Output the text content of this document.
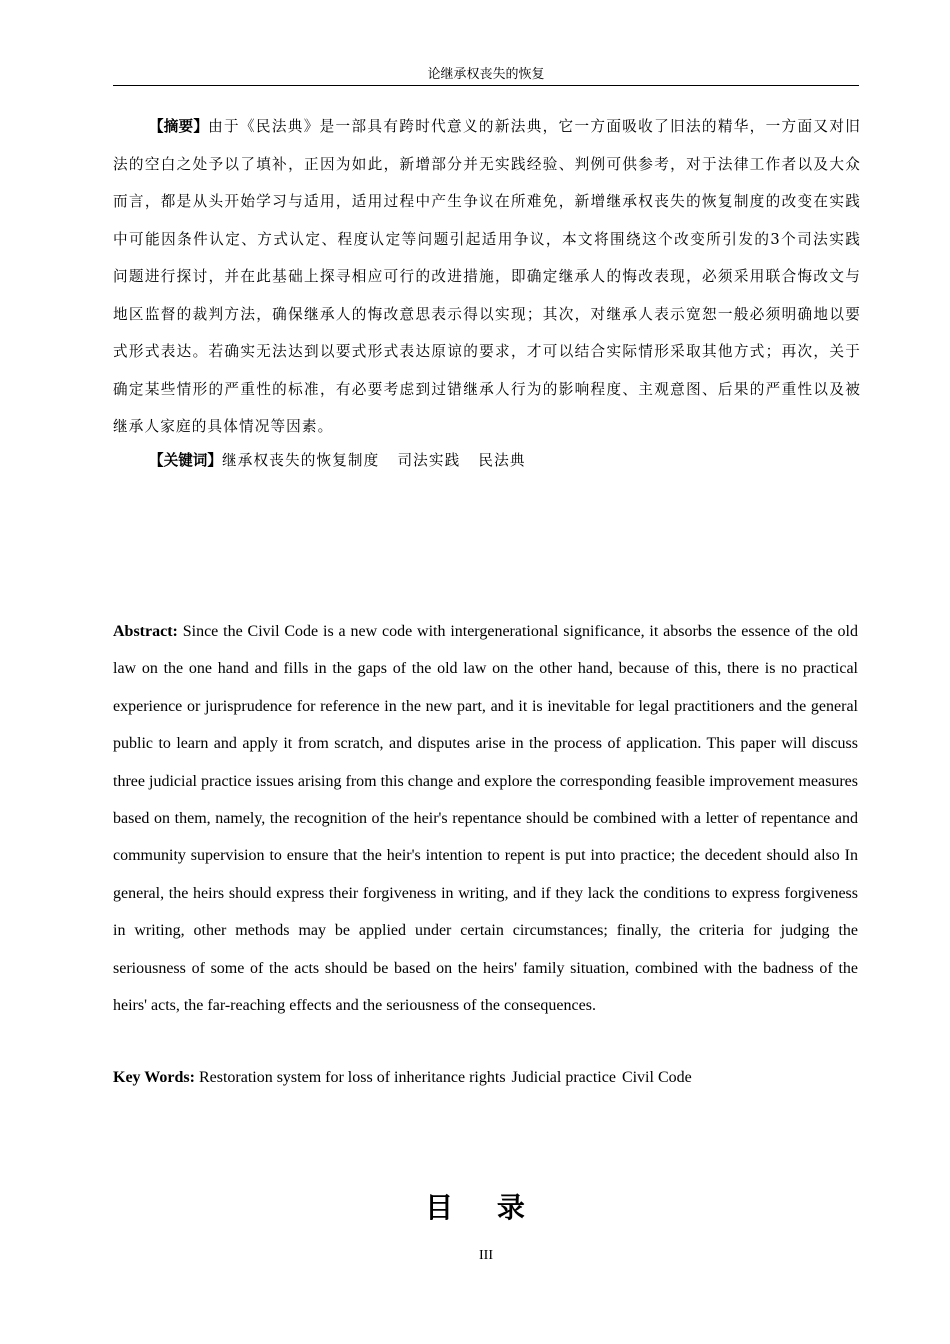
论继承权丧失的恢复

【摘要】由于《民法典》是一部具有跨时代意义的新法典，它一方面吸收了旧法的精华，一方面又对旧法的空白之处予以了填补，正因为如此，新增部分并无实践经验、判例可供参考，对于法律工作者以及大众而言，都是从头开始学习与适用，适用过程中产生争议在所难免，新增继承权丧失的恢复制度的改变在实践中可能因条件认定、方式认定、程度认定等问题引起适用争议，本文将围绕这个改变所引发的3个司法实践问题进行探讨，并在此基础上探寻相应可行的改进措施，即确定继承人的悔改表现，必须采用联合悔改文与地区监督的裁判方法，确保继承人的悔改意思表示得以实现；其次，对继承人表示宽恕一般必须明确地以要式形式表达。若确实无法达到以要式形式表达原谅的要求，才可以结合实际情形采取其他方式；再次，关于确定某些情形的严重性的标准，有必要考虑到过错继承人行为的影响程度、主观意图、后果的严重性以及被继承人家庭的具体情况等因素。

【关键词】继承权丧失的恢复制度 司法实践 民法典

Abstract: Since the Civil Code is a new code with intergenerational significance, it absorbs the essence of the old law on the one hand and fills in the gaps of the old law on the other hand, because of this, there is no practical experience or jurisprudence for reference in the new part, and it is inevitable for legal practitioners and the general public to learn and apply it from scratch, and disputes arise in the process of application. This paper will discuss three judicial practice issues arising from this change and explore the corresponding feasible improvement measures based on them, namely, the recognition of the heir's repentance should be combined with a letter of repentance and community supervision to ensure that the heir's intention to repent is put into practice; the decedent should also In general, the heirs should express their forgiveness in writing, and if they lack the conditions to express forgiveness in writing, other methods may be applied under certain circumstances; finally, the criteria for judging the seriousness of some of the acts should be based on the heirs' family situation, combined with the badness of the heirs' acts, the far-reaching effects and the seriousness of the consequences.

Key Words: Restoration system for loss of inheritance rights Judicial practice Civil Code

目 录
III
